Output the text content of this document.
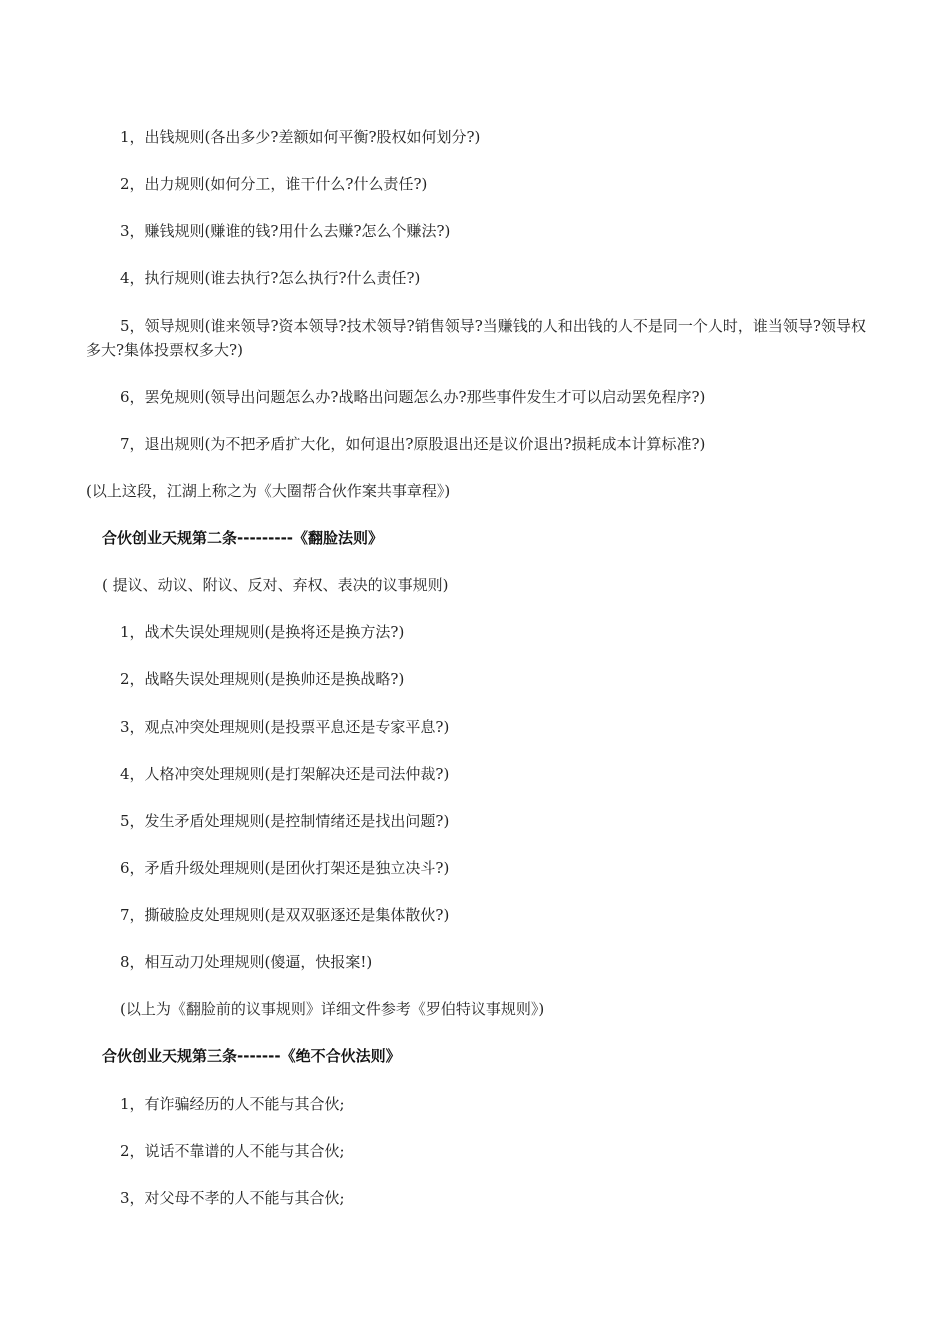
1，出钱规则(各出多少?差额如何平衡?股权如何划分?)
2，出力规则(如何分工，谁干什么?什么责任?)
3，赚钱规则(赚谁的钱?用什么去赚?怎么个赚法?)
4，执行规则(谁去执行?怎么执行?什么责任?)
5，领导规则(谁来领导?资本领导?技术领导?销售领导?当赚钱的人和出钱的人不是同一个人时，谁当领导?领导权多大?集体投票权多大?)
6，罢免规则(领导出问题怎么办?战略出问题怎么办?那些事件发生才可以启动罢免程序?)
7，退出规则(为不把矛盾扩大化，如何退出?原股退出还是议价退出?损耗成本计算标准?)
(以上这段，江湖上称之为《大圈帮合伙作案共事章程》)
合伙创业天规第二条---------《翻脸法则》
( 提议、动议、附议、反对、弃权、表决的议事规则)
1，战术失误处理规则(是换将还是换方法?)
2，战略失误处理规则(是换帅还是换战略?)
3，观点冲突处理规则(是投票平息还是专家平息?)
4，人格冲突处理规则(是打架解决还是司法仲裁?)
5，发生矛盾处理规则(是控制情绪还是找出问题?)
6，矛盾升级处理规则(是团伙打架还是独立决斗?)
7，撕破脸皮处理规则(是双双驱逐还是集体散伙?)
8，相互动刀处理规则(傻逼，快报案!)
(以上为《翻脸前的议事规则》详细文件参考《罗伯特议事规则》)
合伙创业天规第三条-------《绝不合伙法则》
1，有诈骗经历的人不能与其合伙;
2，说话不靠谱的人不能与其合伙;
3，对父母不孝的人不能与其合伙;
